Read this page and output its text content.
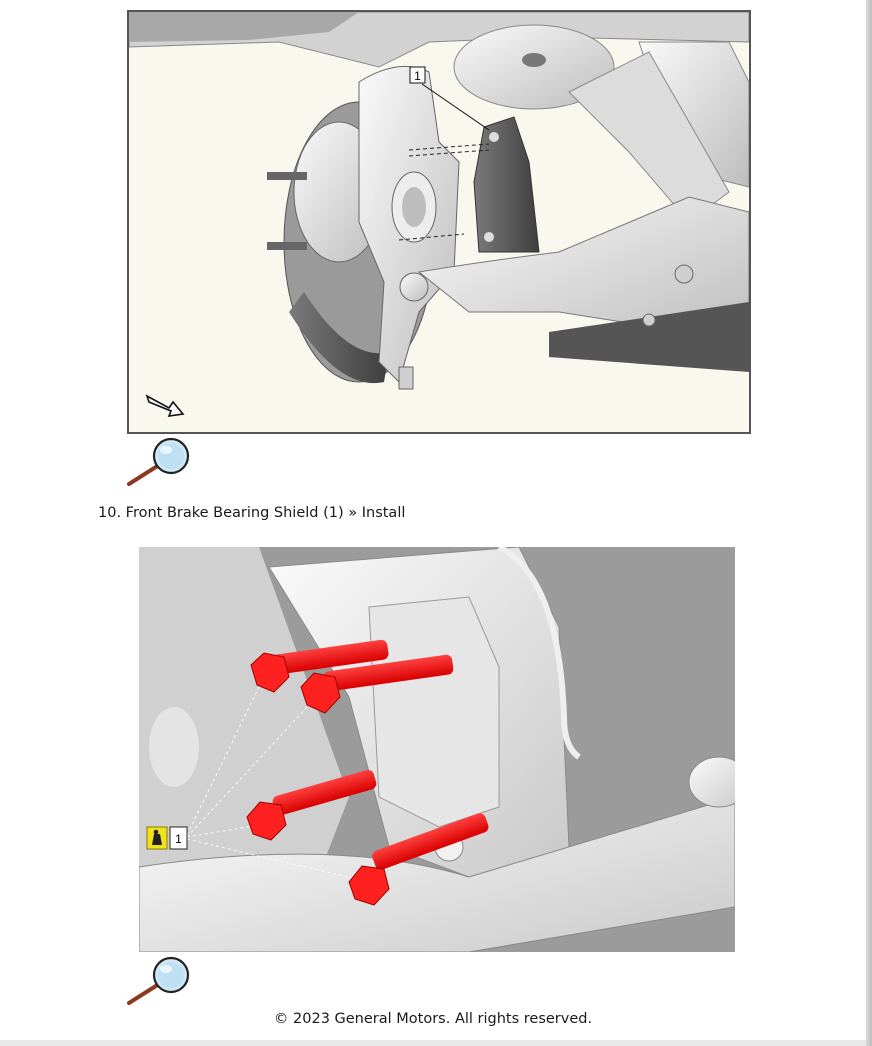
1
10. Front Brake Bearing Shield (1) » Install
1
© 2023 General Motors. All rights reserved.
